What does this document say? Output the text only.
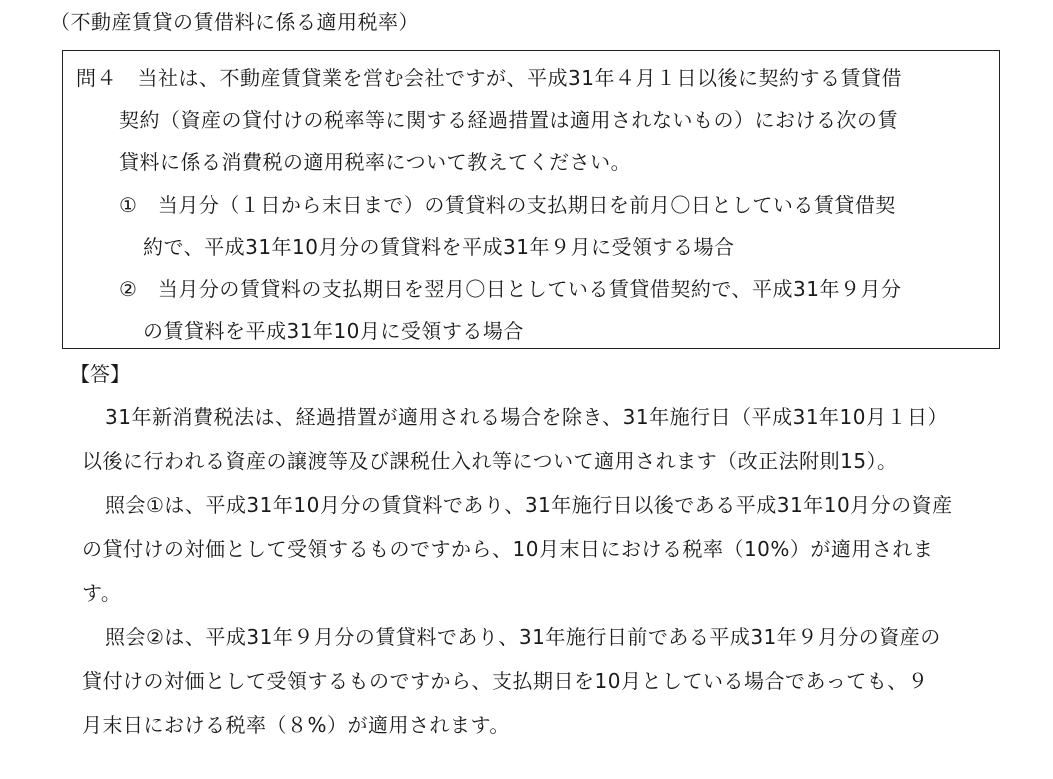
（不動産賃貸の賃借料に係る適用税率）
問４　当社は、不動産賃貸業を営む会社ですが、平成31年４月１日以後に契約する賃貸借
契約（資産の貸付けの税率等に関する経過措置は適用されないもの）における次の賃
貸料に係る消費税の適用税率について教えてください。
①　当月分（１日から末日まで）の賃貸料の支払期日を前月〇日としている賃貸借契
約で、平成31年10月分の賃貸料を平成31年９月に受領する場合
②　当月分の賃貸料の支払期日を翌月〇日としている賃貸借契約で、平成31年９月分
の賃貸料を平成31年10月に受領する場合
【答】
31年新消費税法は、経過措置が適用される場合を除き、31年施行日（平成31年10月１日）
以後に行われる資産の譲渡等及び課税仕入れ等について適用されます（改正法附則15）。
照会①は、平成31年10月分の賃貸料であり、31年施行日以後である平成31年10月分の資産
の貸付けの対価として受領するものですから、10月末日における税率（10%）が適用されま
す。
照会②は、平成31年９月分の賃貸料であり、31年施行日前である平成31年９月分の資産の
貸付けの対価として受領するものですから、支払期日を10月としている場合であっても、９
月末日における税率（８%）が適用されます。
